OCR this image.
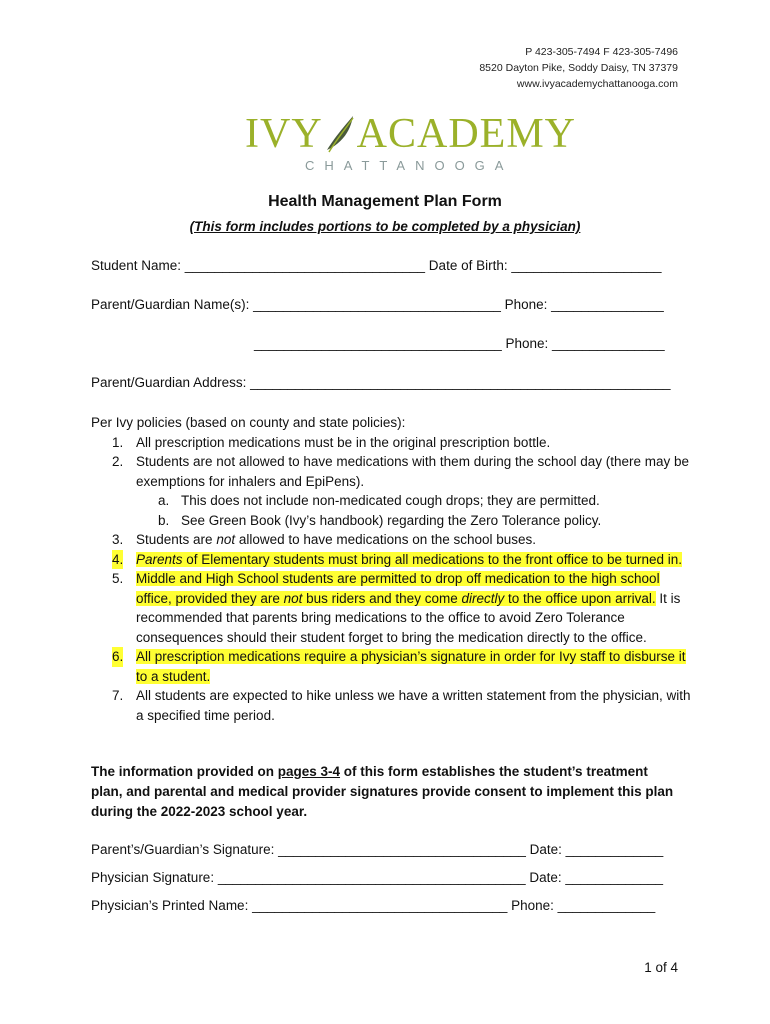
P 423-305-7494 F 423-305-7496
8520 Dayton Pike, Soddy Daisy, TN 37379
www.ivyacademychattanooga.com
IVY ACADEMY
CHATTANOOGA
Health Management Plan Form
(This form includes portions to be completed by a physician)
Student Name: ________________________________ Date of Birth: ____________________
Parent/Guardian Name(s): _________________________________ Phone: _______________
_________________________________ Phone: _______________
Parent/Guardian Address: ________________________________________________________
Per Ivy policies (based on county and state policies):
1. All prescription medications must be in the original prescription bottle.
2. Students are not allowed to have medications with them during the school day (there may be exemptions for inhalers and EpiPens).
a. This does not include non-medicated cough drops; they are permitted.
b. See Green Book (Ivy’s handbook) regarding the Zero Tolerance policy.
3. Students are not allowed to have medications on the school buses.
4. Parents of Elementary students must bring all medications to the front office to be turned in.
5. Middle and High School students are permitted to drop off medication to the high school office, provided they are not bus riders and they come directly to the office upon arrival. It is recommended that parents bring medications to the office to avoid Zero Tolerance consequences should their student forget to bring the medication directly to the office.
6. All prescription medications require a physician’s signature in order for Ivy staff to disburse it to a student.
7. All students are expected to hike unless we have a written statement from the physician, with a specified time period.
The information provided on pages 3-4 of this form establishes the student’s treatment plan, and parental and medical provider signatures provide consent to implement this plan during the 2022-2023 school year.
Parent’s/Guardian’s Signature: _________________________________ Date: _____________
Physician Signature: _________________________________________ Date: _____________
Physician’s Printed Name: __________________________________ Phone: _____________
1 of 4
